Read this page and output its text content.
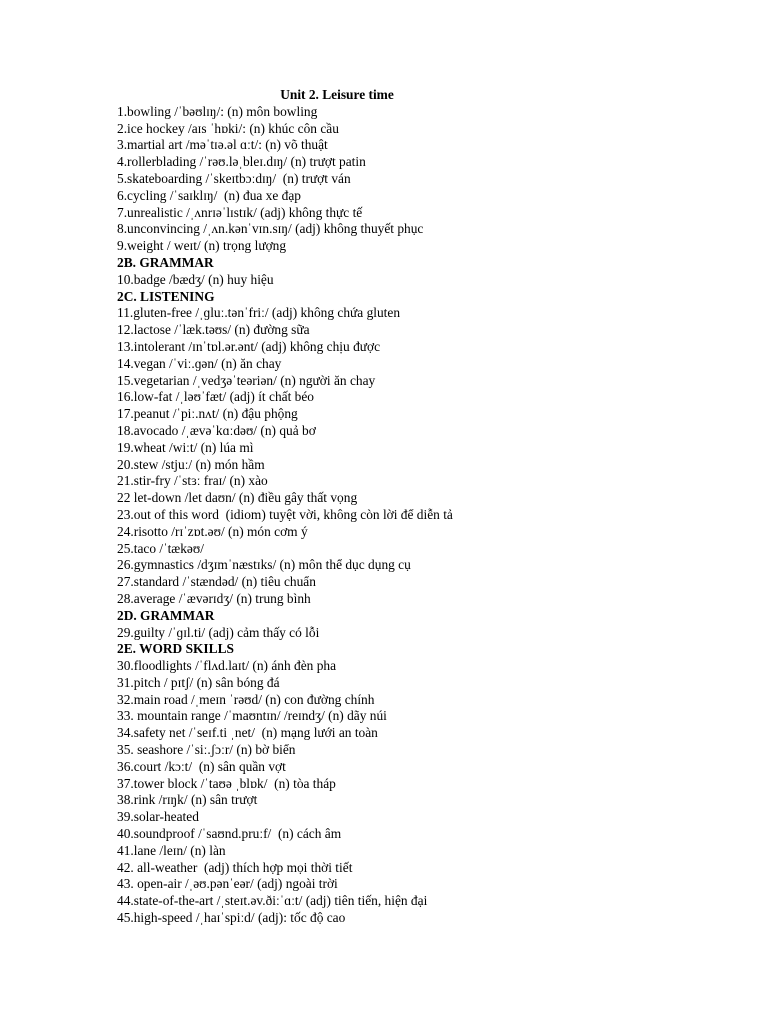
Unit 2. Leisure time
1.bowling /ˈbəʊlɪŋ/: (n) môn bowling
2.ice hockey /aɪs ˈhɒki/: (n) khúc côn cầu
3.martial art /məˈtɪə.əl ɑːt/: (n) võ thuật
4.rollerblading /ˈrəʊ.ləˌbleɪ.dɪŋ/ (n) trượt patin
5.skateboarding /ˈskeɪtbɔːdɪŋ/  (n) trượt ván
6.cycling /ˈsaɪklɪŋ/  (n) đua xe đạp
7.unrealistic /ˌʌnrɪəˈlɪstɪk/ (adj) không thực tế
8.unconvincing /ˌʌn.kənˈvɪn.sɪŋ/ (adj) không thuyết phục
9.weight / weɪt/ (n) trọng lượng
2B. GRAMMAR
10.badge /bædʒ/ (n) huy hiệu
2C. LISTENING
11.gluten-free /ˌɡluː.tənˈfriː/ (adj) không chứa gluten
12.lactose /ˈlæk.təʊs/ (n) đường sữa
13.intolerant /ɪnˈtɒl.ər.ənt/ (adj) không chịu được
14.vegan /ˈviː.ɡən/ (n) ăn chay
15.vegetarian /ˌvedʒəˈteəriən/ (n) người ăn chay
16.low-fat /ˌləʊˈfæt/ (adj) ít chất béo
17.peanut /ˈpiː.nʌt/ (n) đậu phộng
18.avocado /ˌævəˈkɑːdəʊ/ (n) quả bơ
19.wheat /wiːt/ (n) lúa mì
20.stew /stjuː/ (n) món hầm
21.stir-fry /ˈstɜː fraɪ/ (n) xào
22 let-down /let daʊn/ (n) điều gây thất vọng
23.out of this word  (idiom) tuyệt vời, không còn lời để diễn tả
24.risotto /rɪˈzɒt.əʊ/ (n) món cơm ý
25.taco /ˈtækəʊ/
26.gymnastics /dʒɪmˈnæstɪks/ (n) môn thể dục dụng cụ
27.standard /ˈstændəd/ (n) tiêu chuẩn
28.average /ˈævərɪdʒ/ (n) trung bình
2D. GRAMMAR
29.guilty /ˈɡɪl.ti/ (adj) cảm thấy có lỗi
2E. WORD SKILLS
30.floodlights /ˈflʌd.laɪt/ (n) ánh đèn pha
31.pitch / pɪtʃ/ (n) sân bóng đá
32.main road /ˌmeɪn ˈrəʊd/ (n) con đường chính
33. mountain range /ˈmaʊntɪn/ /reɪndʒ/ (n) dãy núi
34.safety net /ˈseɪf.ti ˌnet/  (n) mạng lưới an toàn
35. seashore /ˈsiː.ʃɔːr/ (n) bờ biển
36.court /kɔːt/  (n) sân quần vợt
37.tower block /ˈtaʊə ˌblɒk/  (n) tòa tháp
38.rink /rɪŋk/ (n) sân trượt
39.solar-heated
40.soundproof /ˈsaʊnd.pruːf/  (n) cách âm
41.lane /leɪn/ (n) làn
42. all-weather  (adj) thích hợp mọi thời tiết
43. open-air /ˌəʊ.pənˈeər/ (adj) ngoài trời
44.state-of-the-art /ˌsteɪt.əv.ðiːˈɑːt/ (adj) tiên tiến, hiện đại
45.high-speed /ˌhaɪˈspiːd/ (adj): tốc độ cao
